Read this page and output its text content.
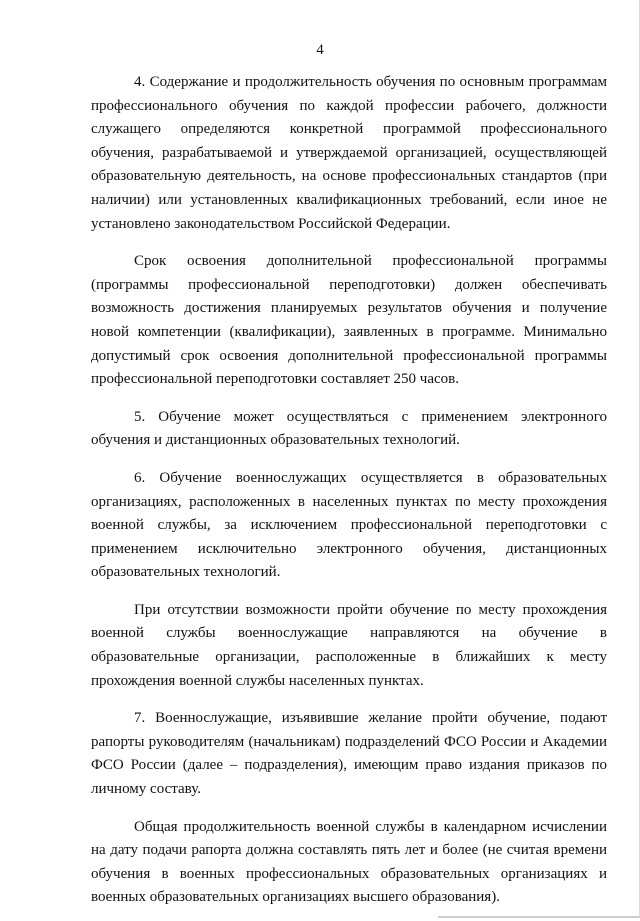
4

4. Содержание и продолжительность обучения по основным программам профессионального обучения по каждой профессии рабочего, должности служащего определяются конкретной программой профессионального обучения, разрабатываемой и утверждаемой организацией, осуществляющей образовательную деятельность, на основе профессиональных стандартов (при наличии) или установленных квалификационных требований, если иное не установлено законодательством Российской Федерации.

Срок освоения дополнительной профессиональной программы (программы профессиональной переподготовки) должен обеспечивать возможность достижения планируемых результатов обучения и получение новой компетенции (квалификации), заявленных в программе. Минимально допустимый срок освоения дополнительной профессиональной программы профессиональной переподготовки составляет 250 часов.

5. Обучение может осуществляться с применением электронного обучения и дистанционных образовательных технологий.

6. Обучение военнослужащих осуществляется в образовательных организациях, расположенных в населенных пунктах по месту прохождения военной службы, за исключением профессиональной переподготовки с применением исключительно электронного обучения, дистанционных образовательных технологий.

При отсутствии возможности пройти обучение по месту прохождения военной службы военнослужащие направляются на обучение в образовательные организации, расположенные в ближайших к месту прохождения военной службы населенных пунктах.

7. Военнослужащие, изъявившие желание пройти обучение, подают рапорты руководителям (начальникам) подразделений ФСО России и Академии ФСО России (далее – подразделения), имеющим право издания приказов по личному составу.

Общая продолжительность военной службы в календарном исчислении на дату подачи рапорта должна составлять пять лет и более (не считая времени обучения в военных профессиональных образовательных организациях и военных образовательных организациях высшего образования).
